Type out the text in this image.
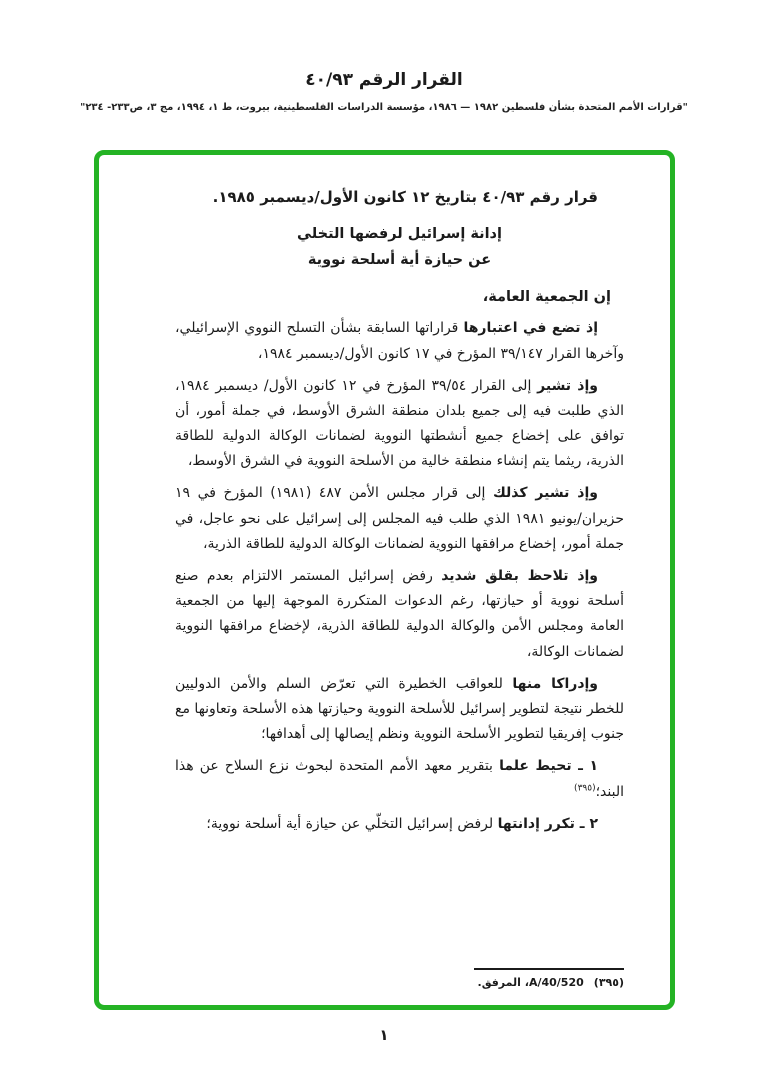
القرار الرقم ٤٠/٩٣
"قرارات الأمم المتحدة بشأن فلسطين ١٩٨٢ — ١٩٨٦، مؤسسة الدراسات الفلسطينية، بيروت، ط ١، ١٩٩٤، مج ٣، ص٢٣٣- ٢٣٤"

قرار رقم ٤٠/٩٣ بتاريخ ١٢ كانون الأول/ديسمبر ١٩٨٥.

إدانة إسرائيل لرفضها التخلي

عن حيازة أية أسلحة نووية

إن الجمعية العامة،

إذ تضع في اعتبارها قراراتها السابقة بشأن التسلح النووي الإسرائيلي، وآخرها القرار ٣٩/١٤٧ المؤرخ في ١٧ كانون الأول/ديسمبر ١٩٨٤،

وإذ تشير إلى القرار ٣٩/٥٤ المؤرخ في ١٢ كانون الأول/ ديسمبر ١٩٨٤، الذي طلبت فيه إلى جميع بلدان منطقة الشرق الأوسط، في جملة أمور، أن توافق على إخضاع جميع أنشطتها النووية لضمانات الوكالة الدولية للطاقة الذرية، ريثما يتم إنشاء منطقة خالية من الأسلحة النووية في الشرق الأوسط،

وإذ تشير كذلك إلى قرار مجلس الأمن ٤٨٧ (١٩٨١) المؤرخ في ١٩ حزيران/يونيو ١٩٨١ الذي طلب فيه المجلس إلى إسرائيل على نحو عاجل، في جملة أمور، إخضاع مرافقها النووية لضمانات الوكالة الدولية للطاقة الذرية،

وإذ تلاحظ بقلق شديد رفض إسرائيل المستمر الالتزام بعدم صنع أسلحة نووية أو حيازتها، رغم الدعوات المتكررة الموجهة إليها من الجمعية العامة ومجلس الأمن والوكالة الدولية للطاقة الذرية، لإخضاع مرافقها النووية لضمانات الوكالة،

وإدراكا منها للعواقب الخطيرة التي تعرّض السلم والأمن الدوليين للخطر نتيجة لتطوير إسرائيل للأسلحة النووية وحيازتها هذه الأسلحة وتعاونها مع جنوب إفريقيا لتطوير الأسلحة النووية ونظم إيصالها إلى أهدافها؛

١ ـ تحيط علما بتقرير معهد الأمم المتحدة لبحوث نزع السلاح عن هذا البند؛$^{(٣٩٥)}$

٢ ـ تكرر إدانتها لرفض إسرائيل التخلّي عن حيازة أية أسلحة نووية؛

(٣٩٥)A/40/520، المرفق.
١
